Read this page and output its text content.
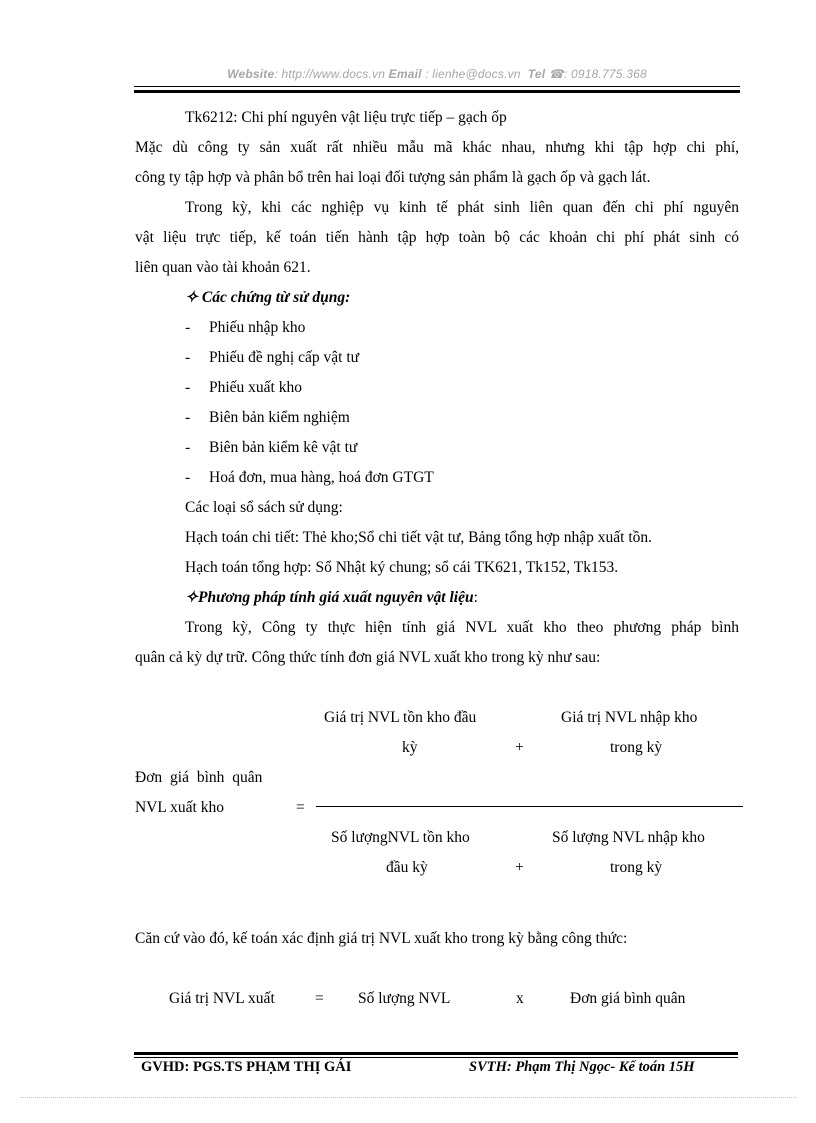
Website: http://www.docs.vn Email : lienhe@docs.vn Tel ☎: 0918.775.368
Tk6212: Chi phí nguyên vật liệu trực tiếp – gạch ốp
Mặc dù công ty sản xuất rất nhiều mẫu mã khác nhau, nhưng khi tập hợp chi phí,
công ty tập hợp và phân bổ trên hai loại đối tượng sản phẩm là gạch ốp và gạch lát.
Trong kỳ, khi các nghiệp vụ kinh tế phát sinh liên quan đến chi phí nguyên
vật liệu trực tiếp, kế toán tiến hành tập hợp toàn bộ các khoản chi phí phát sinh có
liên quan vào tài khoản 621.
✧ Các chứng từ sử dụng:
- Phiếu nhập kho
- Phiếu đề nghị cấp vật tư
- Phiếu xuất kho
- Biên bản kiểm nghiệm
- Biên bản kiểm kê vật tư
- Hoá đơn, mua hàng, hoá đơn GTGT
Các loại sổ sách sử dụng:
Hạch toán chi tiết: Thẻ kho;Sổ chi tiết vật tư, Bảng tổng hợp nhập xuất tồn.
Hạch toán tổng hợp: Sổ Nhật ký chung; sổ cái TK621, Tk152, Tk153.
✧Phương pháp tính giá xuất nguyên vật liệu:
Trong kỳ, Công ty thực hiện tính giá NVL xuất kho theo phương pháp bình
quân cả kỳ dự trữ. Công thức tính đơn giá NVL xuất kho trong kỳ như sau:
Giá trị NVL tồn kho đầu
kỳ	+
Giá trị NVL nhập kho
trong kỳ
Đơn giá bình quân
NVL xuất kho	=
Số lượngNVL tồn kho
đầu kỳ	+
Số lượng NVL nhập kho
trong kỳ
Căn cứ vào đó, kế toán xác định giá trị NVL xuất kho trong kỳ bằng công thức:
Giá trị NVL xuất	= Số lượng NVL	x	Đơn giá bình quân
GVHD: PGS.TS PHẠM THỊ GÁI	SVTH: Phạm Thị Ngọc- Kế toán 15H
